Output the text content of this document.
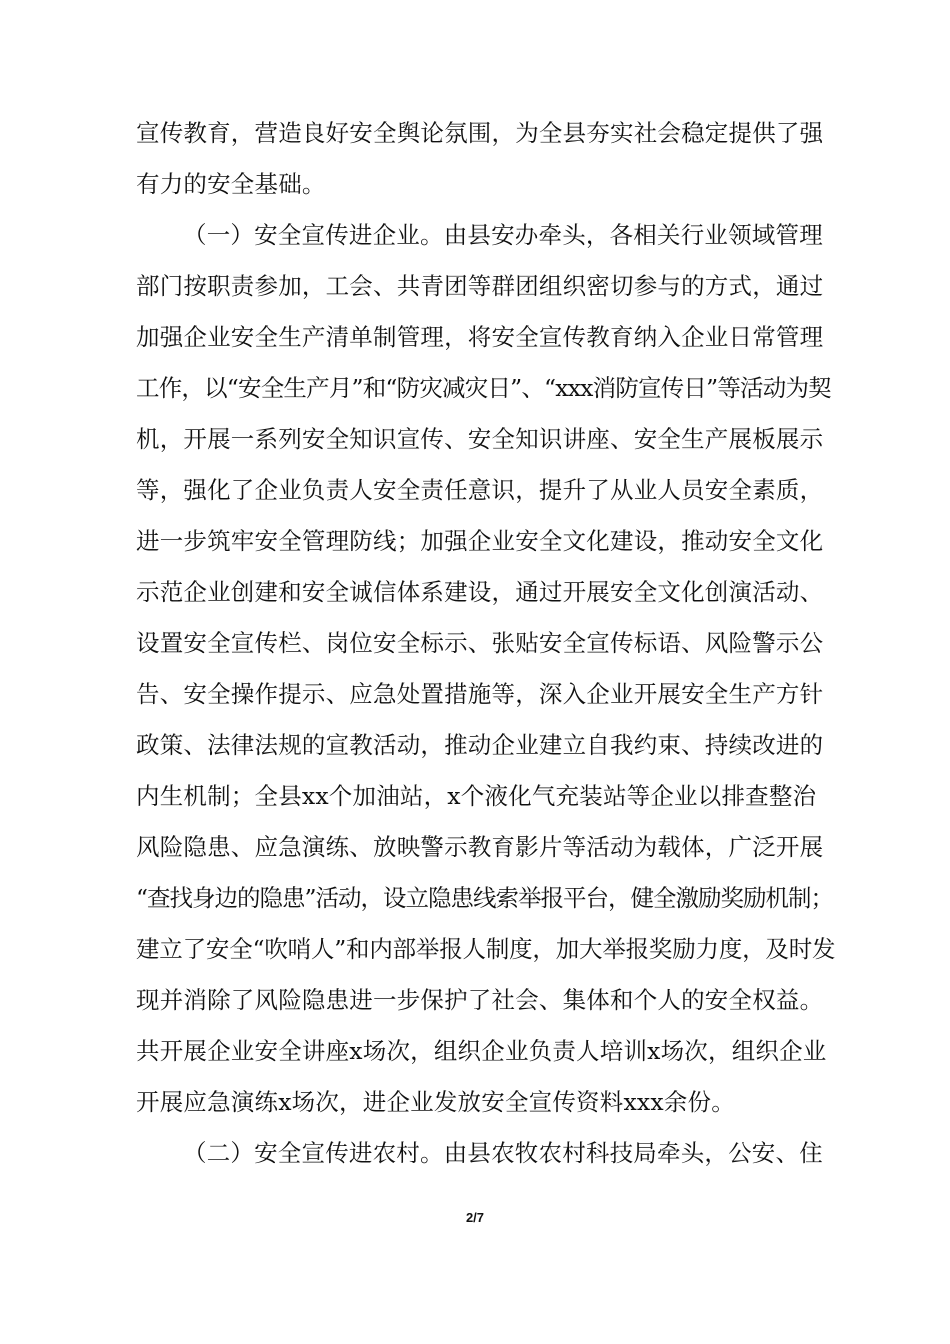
宣传教育，营造良好安全舆论氛围，为全县夯实社会稳定提供了强
有力的安全基础。
（一）安全宣传进企业。由县安办牵头，各相关行业领域管理
部门按职责参加，工会、共青团等群团组织密切参与的方式，通过
加强企业安全生产清单制管理，将安全宣传教育纳入企业日常管理
工作，以“安全生产月”和“防灾减灾日”、“xxx消防宣传日”等活动为契
机，开展一系列安全知识宣传、安全知识讲座、安全生产展板展示
等，强化了企业负责人安全责任意识，提升了从业人员安全素质，
进一步筑牢安全管理防线；加强企业安全文化建设，推动安全文化
示范企业创建和安全诚信体系建设，通过开展安全文化创演活动、
设置安全宣传栏、岗位安全标示、张贴安全宣传标语、风险警示公
告、安全操作提示、应急处置措施等，深入企业开展安全生产方针
政策、法律法规的宣教活动，推动企业建立自我约束、持续改进的
内生机制；全县xx个加油站，x个液化气充装站等企业以排查整治
风险隐患、应急演练、放映警示教育影片等活动为载体，广泛开展
“查找身边的隐患”活动，设立隐患线索举报平台，健全激励奖励机制；
建立了安全“吹哨人”和内部举报人制度，加大举报奖励力度，及时发
现并消除了风险隐患进一步保护了社会、集体和个人的安全权益。
共开展企业安全讲座x场次，组织企业负责人培训x场次，组织企业
开展应急演练x场次，进企业发放安全宣传资料xxx余份。
（二）安全宣传进农村。由县农牧农村科技局牵头，公安、住
2/7
